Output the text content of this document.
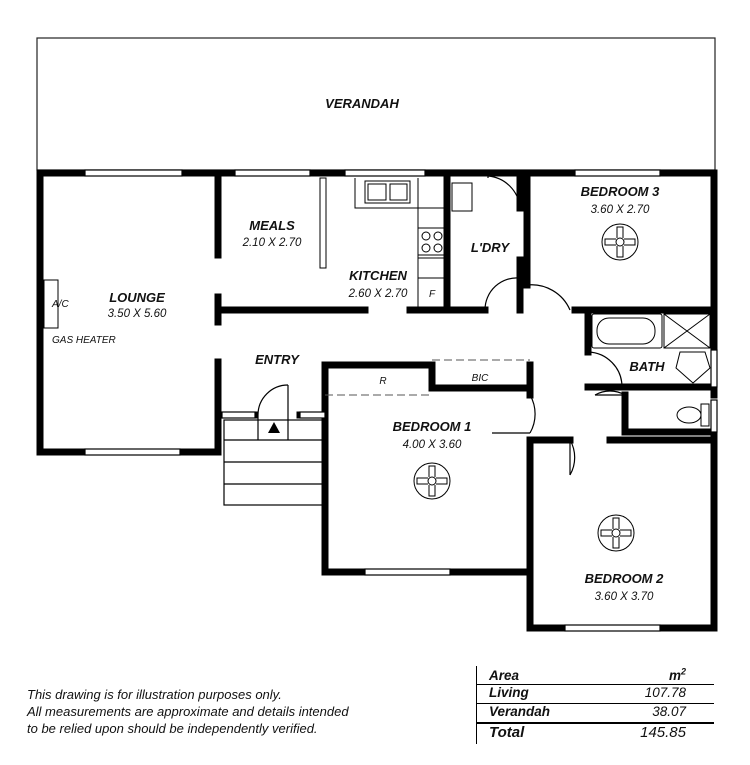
VERANDAH
LOUNGE
3.50 X 5.60
A/C
GAS HEATER
MEALS
2.10 X 2.70
KITCHEN
2.60 X 2.70 F
L'DRY
BEDROOM 3
3.60 X 2.70
ENTRY	BATH
R	BIC
BEDROOM 1
4.00 X 3.60
BEDROOM 2
3.60 X 3.70
This drawing is for illustration purposes only.
All measurements are approximate and details intended
to be relied upon should be independently verified.
Area	$m^2$
Living	107.78
Verandah	38.07
Total	145.85
